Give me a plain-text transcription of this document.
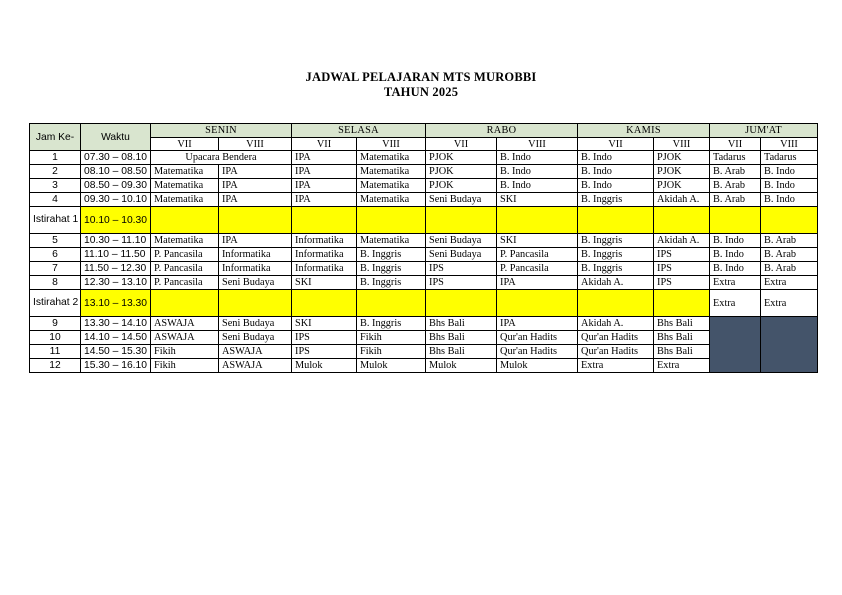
JADWAL PELAJARAN MTS MUROBBI
TAHUN 2025
Jam Ke-	Waktu	SENIN		SELASA		RABO		KAMIS		JUM'AT	
		VII	VIII	VII	VIII	VII	VIII	VII	VIII	VII	VIII
1	07.30 – 08.10	Upacara Bendera		IPA	Matematika	PJOK	B. Indo	B. Indo	PJOK	Tadarus	Tadarus
2	08.10 – 08.50	Matematika	IPA	IPA	Matematika	PJOK	B. Indo	B. Indo	PJOK	B. Arab	B. Indo
3	08.50 – 09.30	Matematika	IPA	IPA	Matematika	PJOK	B. Indo	B. Indo	PJOK	B. Arab	B. Indo
4	09.30 – 10.10	Matematika	IPA	IPA	Matematika	Seni Budaya	SKI	B. Inggris	Akidah A.	B. Arab	B. Indo
Istirahat 1	10.10 – 10.30										
5	10.30 – 11.10	Matematika	IPA	Informatika	Matematika	Seni Budaya	SKI	B. Inggris	Akidah A.	B. Indo	B. Arab
6	11.10 – 11.50	P. Pancasila	Informatika	Informatika	B. Inggris	Seni Budaya	P. Pancasila	B. Inggris	IPS	B. Indo	B. Arab
7	11.50 – 12.30	P. Pancasila	Informatika	Informatika	B. Inggris	IPS	P. Pancasila	B. Inggris	IPS	B. Indo	B. Arab
8	12.30 – 13.10	P. Pancasila	Seni Budaya	SKI	B. Inggris	IPS	IPA	Akidah A.	IPS	Extra	Extra
Istirahat 2	13.10 – 13.30									Extra	Extra
9	13.30 – 14.10	ASWAJA	Seni Budaya	SKI	B. Inggris	Bhs Bali	IPA	Akidah A.	Bhs Bali		
10	14.10 – 14.50	ASWAJA	Seni Budaya	IPS	Fikih	Bhs Bali	Qur'an Hadits	Qur'an Hadits	Bhs Bali		
11	14.50 – 15.30	Fikih	ASWAJA	IPS	Fikih	Bhs Bali	Qur'an Hadits	Qur'an Hadits	Bhs Bali		
12	15.30 – 16.10	Fikih	ASWAJA	Mulok	Mulok	Mulok	Mulok	Extra	Extra		
